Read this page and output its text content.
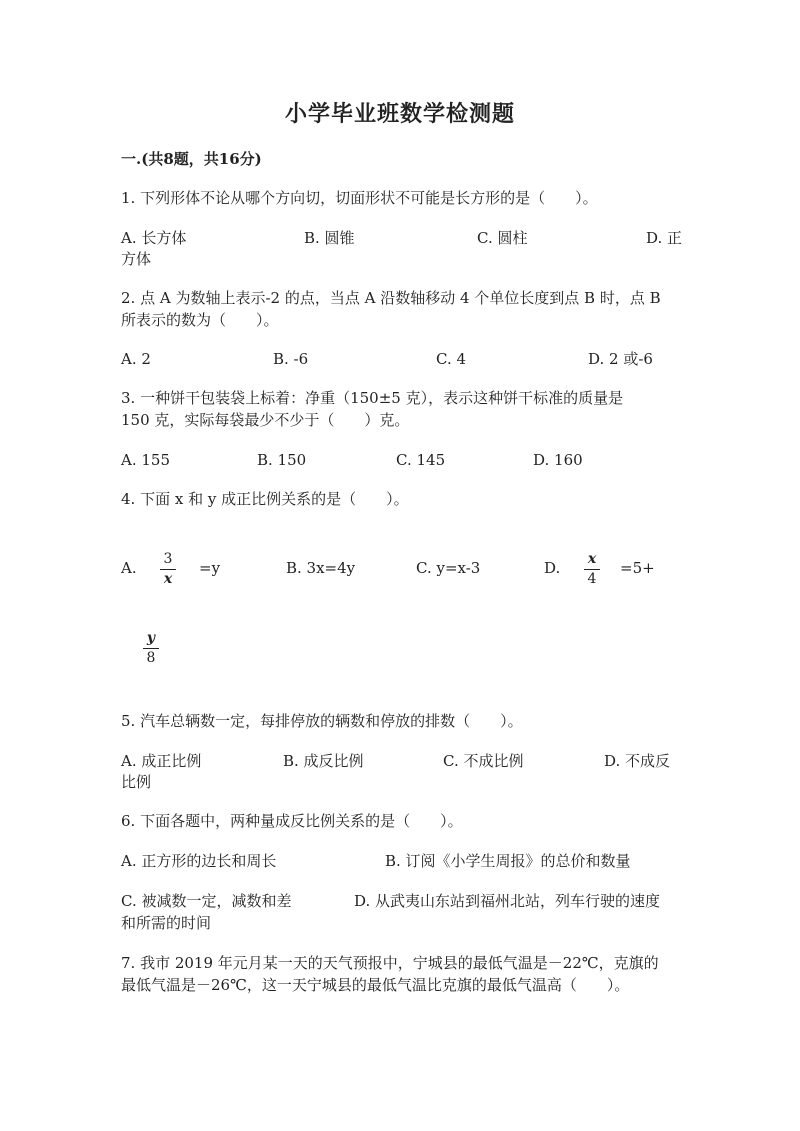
小学毕业班数学检测题
一.(共8题，共16分)
1. 下列形体不论从哪个方向切，切面形状不可能是长方形的是（　　）。
A. 长方体	B. 圆锥	C. 圆柱	D. 正
方体
2. 点 A 为数轴上表示-2 的点，当点 A 沿数轴移动 4 个单位长度到点 B 时，点 B
所表示的数为（　　）。
A. 2	B. -6	C. 4	D. 2 或-6
3. 一种饼干包装袋上标着：净重（150±5 克），表示这种饼干标准的质量是
150 克，实际每袋最少不少于（　　）克。
A. 155	B. 150	C. 145	D. 160
4. 下面 x 和 y 成正比例关系的是（　　）。
A. 3
x
=y	B. 3x=4y	C. y=x-3	D. x
4
=5+
y
8
5. 汽车总辆数一定，每排停放的辆数和停放的排数（　　）。
A. 成正比例	B. 成反比例	C. 不成比例	D. 不成反
比例
6. 下面各题中，两种量成反比例关系的是（　　）。
A. 正方形的边长和周长	B. 订阅《小学生周报》的总价和数量
C. 被减数一定，减数和差	D. 从武夷山东站到福州北站，列车行驶的速度
和所需的时间
7. 我市 2019 年元月某一天的天气预报中，宁城县的最低气温是－22℃，克旗的
最低气温是－26℃，这一天宁城县的最低气温比克旗的最低气温高（　　）。
